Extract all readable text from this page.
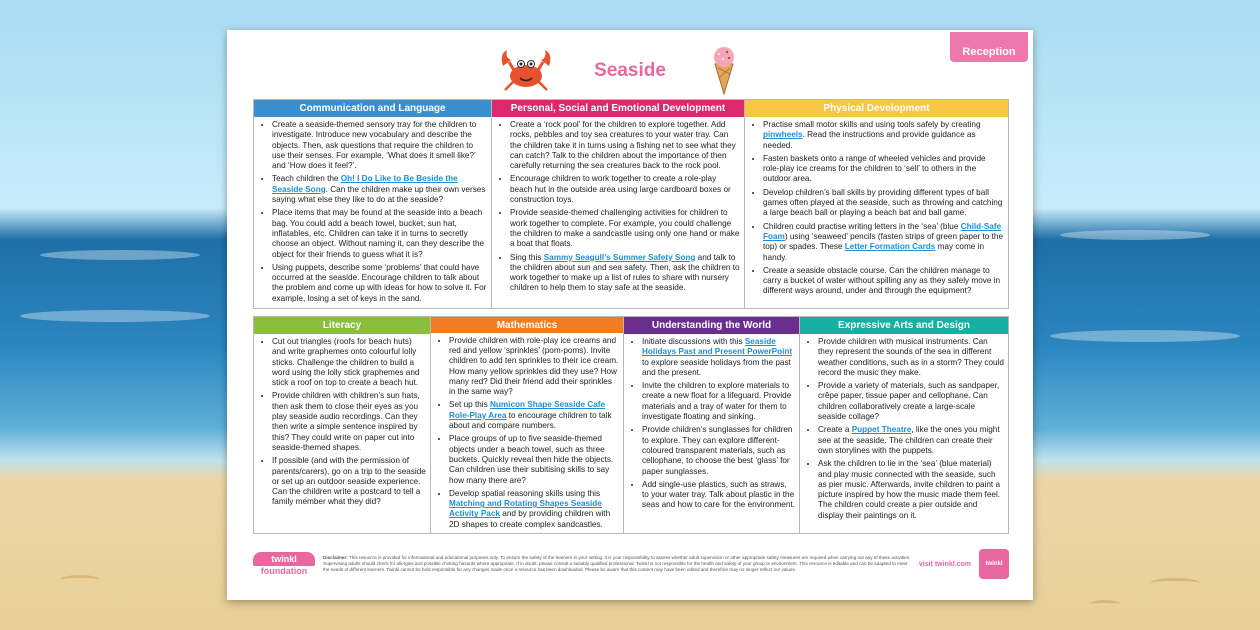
Reception
Seaside
Communication and Language
• Create a seaside-themed sensory tray for the children to investigate. Introduce new vocabulary and describe the objects. Then, ask questions that require the children to use their senses. For example, ‘What does it smell like?’ and ‘How does it feel?’.
• Teach children the Oh! I Do Like to Be Beside the Seaside Song. Can the children make up their own verses saying what else they like to do at the seaside?
• Place items that may be found at the seaside into a beach bag. You could add a beach towel, bucket, sun hat, inflatables, etc. Children can take it in turns to secretly choose an object. Without naming it, can they describe the object for their friends to guess what it is?
• Using puppets, describe some ‘problems’ that could have occurred at the seaside. Encourage children to talk about the problem and come up with ideas for how to solve it. For example, losing a set of keys in the sand.
Personal, Social and Emotional Development
• Create a ‘rock pool’ for the children to explore together. Add rocks, pebbles and toy sea creatures to your water tray. Can the children take it in turns using a fishing net to see what they can catch? Talk to the children about the importance of then carefully returning the sea creatures back to the rock pool.
• Encourage children to work together to create a role-play beach hut in the outside area using large cardboard boxes or construction toys.
• Provide seaside-themed challenging activities for children to work together to complete. For example, you could challenge the children to make a sandcastle using only one hand or make a boat that floats.
• Sing this Sammy Seagull’s Summer Safety Song and talk to the children about sun and sea safety. Then, ask the children to work together to make up a list of rules to share with nursery children to help them to stay safe at the seaside.
Physical Development
• Practise small motor skills and using tools safely by creating pinwheels. Read the instructions and provide guidance as needed.
• Fasten baskets onto a range of wheeled vehicles and provide role-play ice creams for the children to ‘sell’ to others in the outdoor area.
• Develop children’s ball skills by providing different types of ball games often played at the seaside, such as throwing and catching a large beach ball or playing a beach bat and ball game.
• Children could practise writing letters in the ‘sea’ (blue Child-Safe Foam) using ‘seaweed’ pencils (fasten strips of green paper to the top) or spades. These Letter Formation Cards may come in handy.
• Create a seaside obstacle course. Can the children manage to carry a bucket of water without spilling any as they safely move in different ways around, under and through the equipment?
Literacy
• Cut out triangles (roofs for beach huts) and write graphemes onto colourful lolly sticks. Challenge the children to build a word using the lolly stick graphemes and stick a roof on top to create a beach hut.
• Provide children with children’s sun hats, then ask them to close their eyes as you play seaside audio recordings. Can they then write a simple sentence inspired by this? They could write on paper cut into seaside-themed shapes.
• If possible (and with the permission of parents/carers), go on a trip to the seaside or set up an outdoor seaside experience. Can the children write a postcard to tell a family member what they did?
Mathematics
• Provide children with role-play ice creams and red and yellow ‘sprinkles’ (pom-poms). Invite children to add ten sprinkles to their ice cream. How many yellow sprinkles did they use? How many red? Did their friend add their sprinkles in the same way?
• Set up this Numicon Shape Seaside Cafe Role-Play Area to encourage children to talk about and compare numbers.
• Place groups of up to five seaside-themed objects under a beach towel, such as three buckets. Quickly reveal then hide the objects. Can children use their subitising skills to say how many there are?
• Develop spatial reasoning skills using this Matching and Rotating Shapes Seaside Activity Pack and by providing children with 2D shapes to create complex sandcastles.
Understanding the World
• Initiate discussions with this Seaside Holidays Past and Present PowerPoint to explore seaside holidays from the past and the present.
• Invite the children to explore materials to create a new float for a lifeguard. Provide materials and a tray of water for them to investigate floating and sinking.
• Provide children’s sunglasses for children to explore. They can explore different-coloured transparent materials, such as cellophane, to choose the best ‘glass’ for paper sunglasses.
• Add single-use plastics, such as straws, to your water tray. Talk about plastic in the seas and how to care for the environment.
Expressive Arts and Design
• Provide children with musical instruments. Can they represent the sounds of the sea in different weather conditions, such as in a storm? They could record the music they make.
• Provide a variety of materials, such as sandpaper, crêpe paper, tissue paper and cellophane. Can children collaboratively create a large-scale seaside collage?
• Create a Puppet Theatre, like the ones you might see at the seaside. The children can create their own storylines with the puppets.
• Ask the children to lie in the ‘sea’ (blue material) and play music connected with the seaside, such as pier music. Afterwards, invite children to paint a picture inspired by how the music made them feel. The children could create a pier outside and display their paintings on it.
twinkl
foundation
Disclaimer: This resource is provided for informational and educational purposes only. To ensure the safety of the learners in your setting, it is your responsibility to assess whether adult supervision or other appropriate safety measures are required when carrying out any of these activities. Supervising adults should check for allergies and possible choking hazards where appropriate. If in doubt, please consult a suitably qualified professional. Twinkl is not responsible for the health and safety of your group or environment. This resource is editable and can be adapted to meet the needs of different learners. Twinkl cannot be held responsible for any changes made once a resource has been downloaded. Please be aware that this content may have been edited and therefore may no longer reflect our values.
visit twinkl.com	twinkl
